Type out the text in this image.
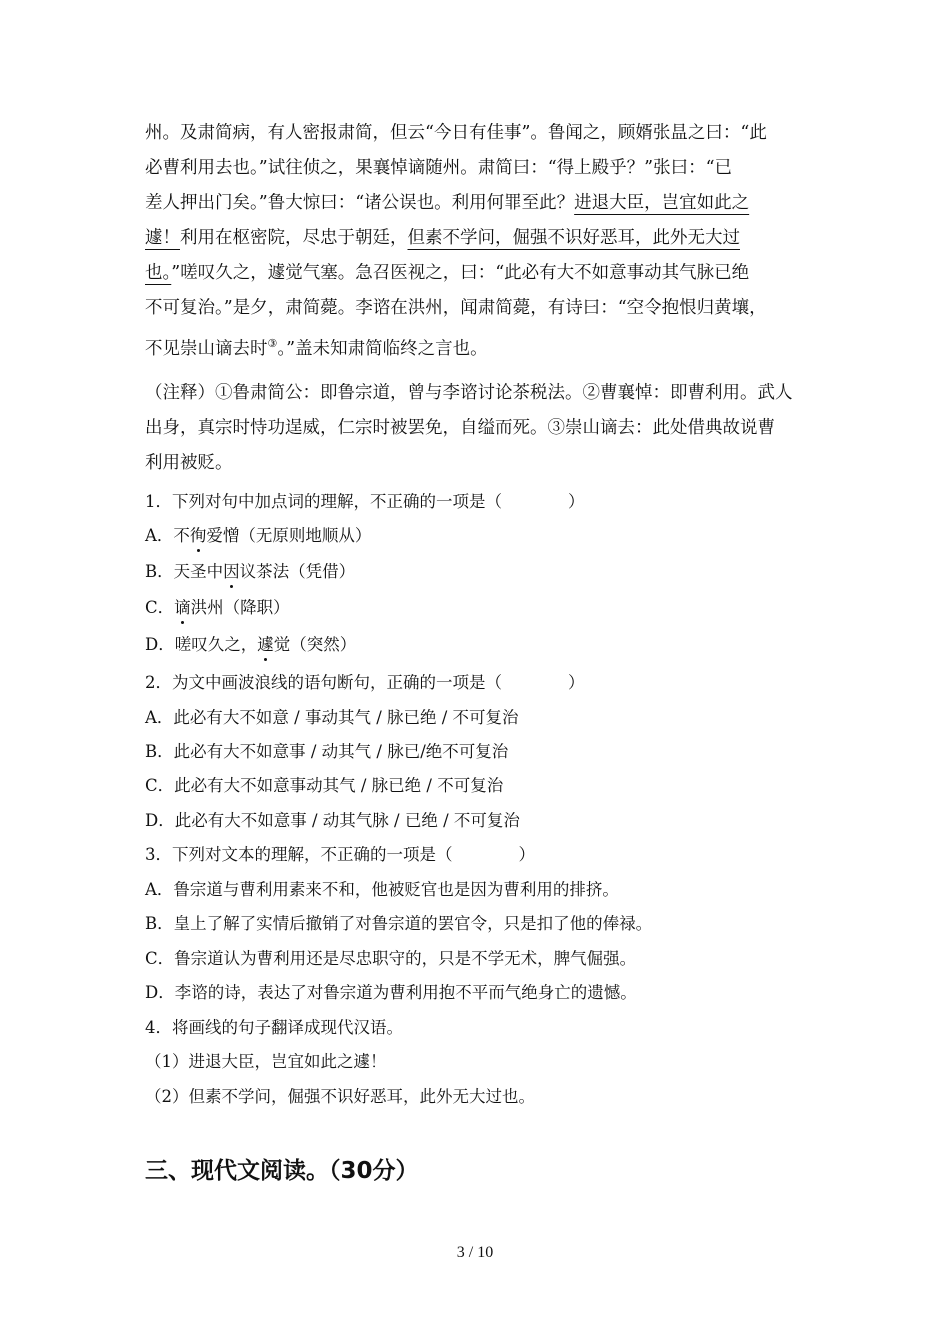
州。及肃简病，有人密报肃简，但云“今日有佳事”。鲁闻之，顾婿张昷之曰：“此
必曹利用去也。”试往侦之，果襄悼谪随州。肃简曰：“得上殿乎？”张曰：“已
差人押出门矣。”鲁大惊曰：“诸公误也。利用何罪至此？进退大臣，岂宜如此之
遽！利用在枢密院，尽忠于朝廷，但素不学问，倔强不识好恶耳，此外无大过
也。”嗟叹久之，遽觉气塞。急召医视之，曰：“此必有大不如意事动其气脉已绝
不可复治。”是夕，肃简薨。李谘在洪州，闻肃简薨，有诗曰：“空令抱恨归黄壤，
不见崇山谪去时③。”盖未知肃简临终之言也。
（注释）①鲁肃简公：即鲁宗道，曾与李谘讨论茶税法。②曹襄悼：即曹利用。武人
出身，真宗时恃功逞威，仁宗时被罢免，自缢而死。③崇山谪去：此处借典故说曹
利用被贬。
1．下列对句中加点词的理解，不正确的一项是（　　　　）
A．不徇爱憎（无原则地顺从）
B．天圣中因议茶法（凭借）
C．谪洪州（降职）
D．嗟叹久之，遽觉（突然）
2．为文中画波浪线的语句断句，正确的一项是（　　　　）
A．此必有大不如意 / 事动其气 / 脉已绝 / 不可复治
B．此必有大不如意事 / 动其气 / 脉已/绝不可复治
C．此必有大不如意事动其气 / 脉已绝 / 不可复治
D．此必有大不如意事 / 动其气脉 / 已绝 / 不可复治
3．下列对文本的理解，不正确的一项是（　　　　）
A．鲁宗道与曹利用素来不和，他被贬官也是因为曹利用的排挤。
B．皇上了解了实情后撤销了对鲁宗道的罢官令，只是扣了他的俸禄。
C．鲁宗道认为曹利用还是尽忠职守的，只是不学无术，脾气倔强。
D．李谘的诗，表达了对鲁宗道为曹利用抱不平而气绝身亡的遗憾。
4．将画线的句子翻译成现代汉语。
（1）进退大臣，岂宜如此之遽！
（2）但素不学问，倔强不识好恶耳，此外无大过也。
三、现代文阅读。（30分）
3 / 10
